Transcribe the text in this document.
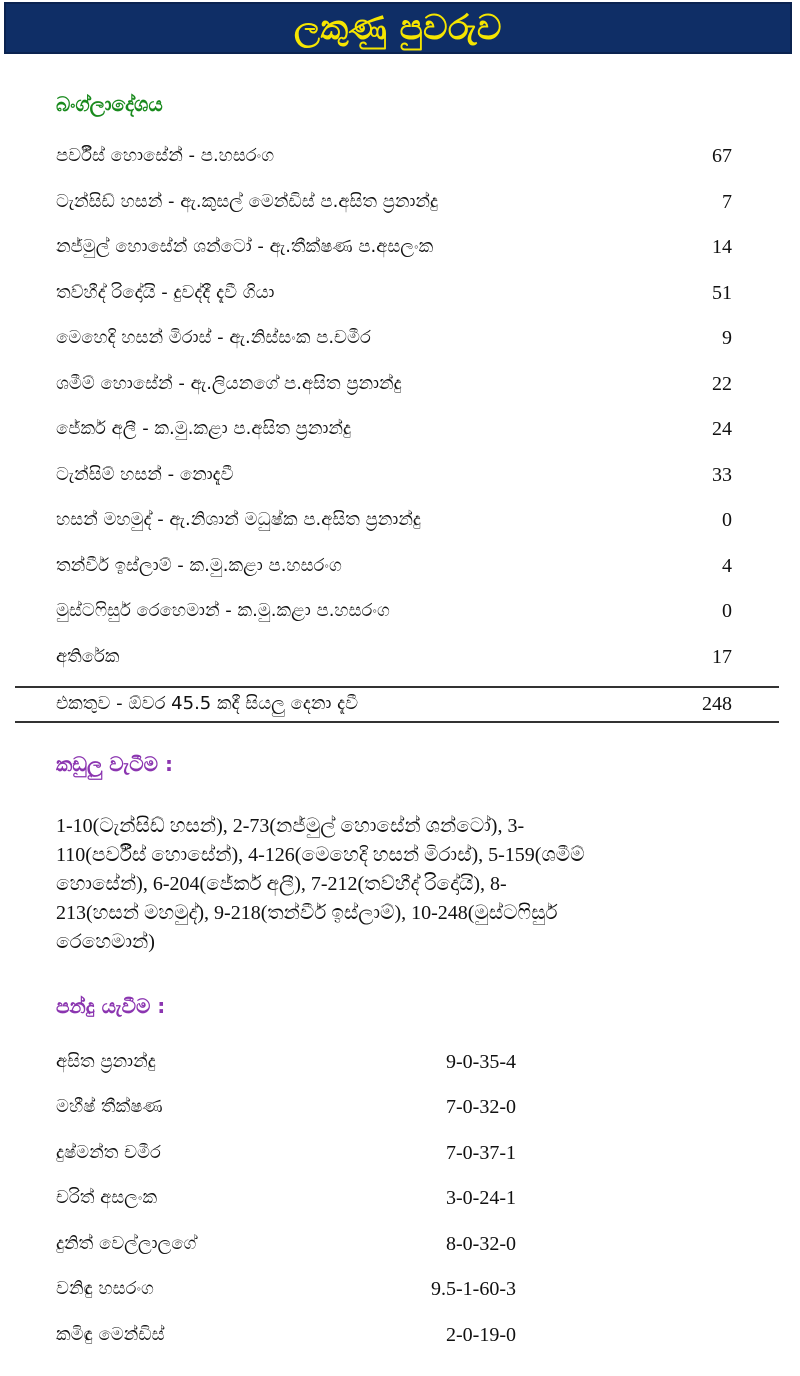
ලකුණු පුවරුව
බංග්ලාදේශය
පර්වීස් හොසේන් - ප.හසරංග	67
ටැන්සිඩ් හසන් - ඇ.කුසල් මෙන්ඩිස් ප.අසිත ප්‍රනාන්දු	7
නජ්මුල් හොසේන් ශන්ටෝ - ඇ.තීක්ෂණ ප.අසලංක	14
තව්හීද් රිදෝයි - දුවද්දී දැවී ගියා	51
මෙහෙදි හසන් මිරාස් - ඇ.නිස්සංක ප.චමීර	9
ශමීම් හොසේන් - ඇ.ලියනගේ ප.අසිත ප්‍රනාන්දු	22
ජේකර් අලී - ක.මු.කළා ප.අසිත ප්‍රනාන්දු	24
ටැන්සිම් හසන් - නොදැවී	33
හසන් මහමුද් - ඇ.නිශාන් මධුෂ්ක ප.අසිත ප්‍රනාන්දු	0
තන්වීර් ඉස්ලාම් - ක.මු.කළා ප.හසරංග	4
මුස්ටෆිසුර් රෙහෙමාන් - ක.මු.කළා ප.හසරංග	0
අතිරේක	17
එකතුව - ඕවර 45.5 කදී සියලු දෙනා දැවී	248
කඩුලු වැටීම :
1-10(ටැන්සිඩ් හසන්), 2-73(නජ්මුල් හොසේන් ශන්ටෝ), 3-
110(පර්වීස් හොසේන්), 4-126(මෙහෙදි හසන් මිරාස්), 5-159(ශමීම්
හොසේන්), 6-204(ජේකර් අලී), 7-212(තව්හීද් රිදෝයි), 8-
213(හසන් මහමුද්), 9-218(තන්වීර් ඉස්ලාම්), 10-248(මුස්ටෆිසුර්
රෙහෙමාන්)
පන්දු යැවීම :
අසිත ප්‍රනාන්දු	9-0-35-4
මහීෂ් තීක්ෂණ	7-0-32-0
දුෂ්මන්ත චමීර	7-0-37-1
චරිත් අසලංක	3-0-24-1
දුනිත් වෙල්ලාලගේ	8-0-32-0
වනිඳු හසරංග	9.5-1-60-3
කමිඳු මෙන්ඩිස්	2-0-19-0
